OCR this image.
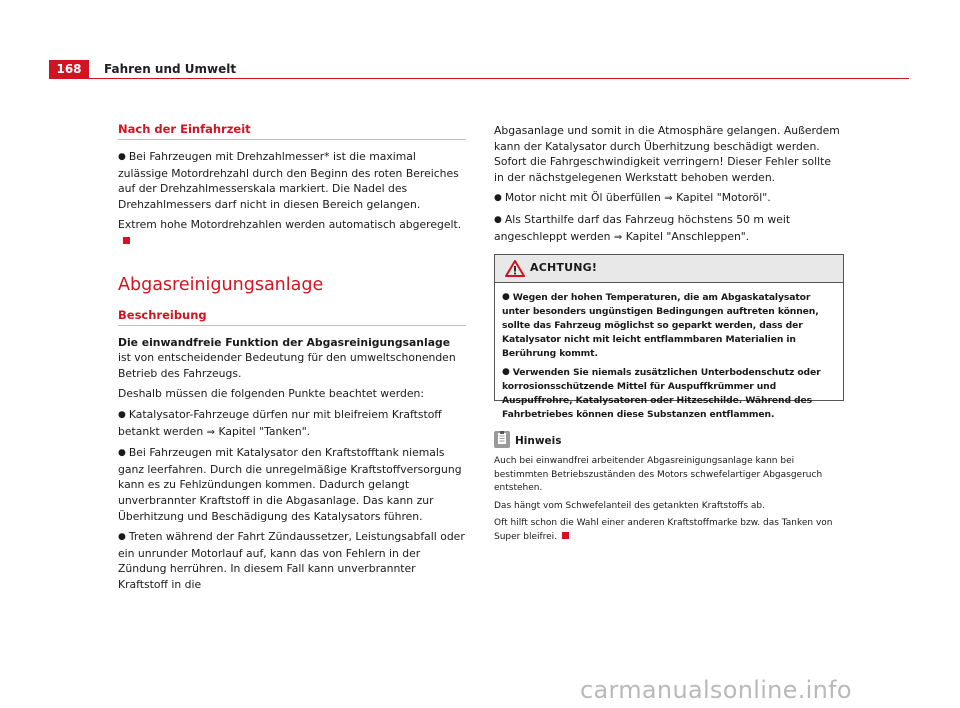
168	Fahren und Umwelt
Nach der Einfahrzeit

● Bei Fahrzeugen mit Drehzahlmesser* ist die maximal zulässige Motordrehzahl durch den Beginn des roten Bereiches auf der Drehzahlmesserskala markiert. Die Nadel des Drehzahlmessers darf nicht in diesen Bereich gelangen.

Extrem hohe Motordrehzahlen werden automatisch abgeregelt.

Abgasreinigungsanlage
Beschreibung

Die einwandfreie Funktion der Abgasreinigungsanlage ist von entscheidender Bedeutung für den umweltschonenden Betrieb des Fahrzeugs.

Deshalb müssen die folgenden Punkte beachtet werden:

● Katalysator-Fahrzeuge dürfen nur mit bleifreiem Kraftstoff betankt werden ⇒ Kapitel "Tanken".

● Bei Fahrzeugen mit Katalysator den Kraftstofftank niemals ganz leerfahren. Durch die unregelmäßige Kraftstoffversorgung kann es zu Fehlzündungen kommen. Dadurch gelangt unverbrannter Kraftstoff in die Abgasanlage. Das kann zur Überhitzung und Beschädigung des Katalysators führen.

● Treten während der Fahrt Zündaussetzer, Leistungsabfall oder ein unrunder Motorlauf auf, kann das von Fehlern in der Zündung herrühren. In diesem Fall kann unverbrannter Kraftstoff in die

Abgasanlage und somit in die Atmosphäre gelangen. Außerdem kann der Katalysator durch Überhitzung beschädigt werden. Sofort die Fahrgeschwindigkeit verringern! Dieser Fehler sollte in der nächstgelegenen Werkstatt behoben werden.

● Motor nicht mit Öl überfüllen ⇒ Kapitel "Motoröl".

● Als Starthilfe darf das Fahrzeug höchstens 50 m weit angeschleppt werden ⇒ Kapitel "Anschleppen".

ACHTUNG!

● Wegen der hohen Temperaturen, die am Abgaskatalysator unter besonders ungünstigen Bedingungen auftreten können, sollte das Fahrzeug möglichst so geparkt werden, dass der Katalysator nicht mit leicht entflammbaren Materialien in Berührung kommt.

● Verwenden Sie niemals zusätzlichen Unterbodenschutz oder korrosionsschützende Mittel für Auspuffkrümmer und Auspuffrohre, Katalysatoren oder Hitzeschilde. Während des Fahrbetriebes können diese Substanzen entflammen.

Hinweis

Auch bei einwandfrei arbeitender Abgasreinigungsanlage kann bei bestimmten Betriebszuständen des Motors schwefelartiger Abgasgeruch entstehen.

Das hängt vom Schwefelanteil des getankten Kraftstoffs ab.

Oft hilft schon die Wahl einer anderen Kraftstoffmarke bzw. das Tanken von Super bleifrei.

carmanualsonline.info
